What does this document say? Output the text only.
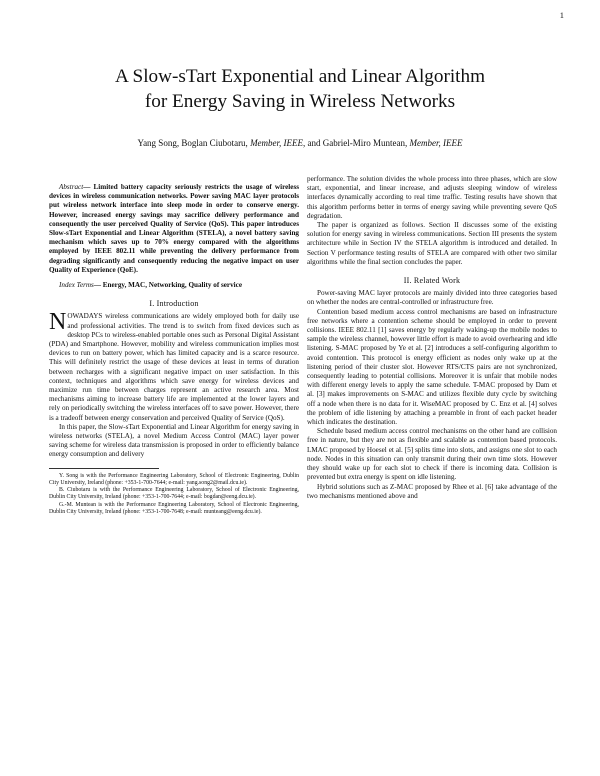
1
A Slow-sTart Exponential and Linear Algorithm
for Energy Saving in Wireless Networks
Yang Song, Boglan Ciubotaru, Member, IEEE, and Gabriel-Miro Muntean, Member, IEEE

Abstract— Limited battery capacity seriously restricts the usage of wireless devices in wireless communication networks. Power saving MAC layer protocols put wireless network interface into sleep mode in order to conserve energy. However, increased energy savings may sacrifice delivery performance and consequently the user perceived Quality of Service (QoS). This paper introduces Slow-sTart Exponential and Linear Algorithm (STELA), a novel battery saving mechanism which saves up to 70% energy compared with the algorithms employed by IEEE 802.11 while preventing the delivery performance from degrading significantly and consequently reducing the negative impact on user Quality of Experience (QoE).

Index Terms— Energy, MAC, Networking, Quality of service

I. Introduction

NOWADAYS wireless communications are widely employed both for daily use and professional activities. The trend is to switch from fixed devices such as desktop PCs to wireless-enabled portable ones such as Personal Digital Assistant (PDA) and Smartphone. However, mobility and wireless communication implies most devices to run on battery power, which has limited capacity and is a scarce resource. This will definitely restrict the usage of these devices at least in terms of duration between recharges with a significant negative impact on user satisfaction. In this context, techniques and algorithms which save energy for wireless devices and maximize run time between charges represent an active research area. Most mechanisms aiming to increase battery life are implemented at the lower layers and rely on periodically switching the wireless interfaces off to save power. However, there is a tradeoff between energy conservation and perceived Quality of Service (QoS).

In this paper, the Slow-sTart Exponential and Linear Algorithm for energy saving in wireless networks (STELA), a novel Medium Access Control (MAC) layer power saving scheme for wireless data transmission is proposed in order to efficiently balance energy consumption and delivery

Y. Song is with the Performance Engineering Laboratory, School of Electronic Engineering, Dublin City University, Ireland (phone: +353-1-700-7644; e-mail: yang.song2@mail.dcu.ie).

B. Ciubotaru is with the Performance Engineering Laboratory, School of Electronic Engineering, Dublin City University, Ireland (phone: +353-1-700-7644; e-mail: bogdan@eeng.dcu.ie).

G.-M. Muntean is with the Performance Engineering Laboratory, School of Electronic Engineering, Dublin City University, Ireland (phone: +353-1-700-7648; e-mail: munteang@eeng.dcu.ie).

performance. The solution divides the whole process into three phases, which are slow start, exponential, and linear increase, and adjusts sleeping window of wireless interfaces dynamically according to real time traffic. Testing results have shown that this algorithm performs better in terms of energy saving while preventing severe QoS degradation.

The paper is organized as follows. Section II discusses some of the existing solution for energy saving in wireless communications. Section III presents the system architecture while in Section IV the STELA algorithm is introduced and detailed. In Section V performance testing results of STELA are compared with other two similar algorithms while the final section concludes the paper.

II. Related Work

Power-saving MAC layer protocols are mainly divided into three categories based on whether the nodes are central-controlled or infrastructure free.

Contention based medium access control mechanisms are based on infrastructure free networks where a contention scheme should be employed in order to prevent collisions. IEEE 802.11 [1] saves energy by regularly waking-up the mobile nodes to sample the wireless channel, however little effort is made to avoid overhearing and idle listening. S-MAC proposed by Ye et al. [2] introduces a self-configuring algorithm to avoid contention. This protocol is energy efficient as nodes only wake up at the listening period of their cluster slot. However RTS/CTS pairs are not synchronized, consequently leading to potential collisions. Moreover it is unfair that mobile nodes with different energy levels to apply the same schedule. T-MAC proposed by Dam et al. [3] makes improvements on S-MAC and utilizes flexible duty cycle by switching off a node when there is no data for it. WiseMAC proposed by C. Enz et al. [4] solves the problem of idle listening by attaching a preamble in front of each packet header which indicates the destination.

Schedule based medium access control mechanisms on the other hand are collision free in nature, but they are not as flexible and scalable as contention based protocols. LMAC proposed by Hoesel et al. [5] splits time into slots, and assigns one slot to each node. Nodes in this situation can only transmit during their own time slots. However they should wake up for each slot to check if there is incoming data. Collision is prevented but extra energy is spent on idle listening.

Hybrid solutions such as Z-MAC proposed by Rhee et al. [6] take advantage of the two mechanisms mentioned above and
